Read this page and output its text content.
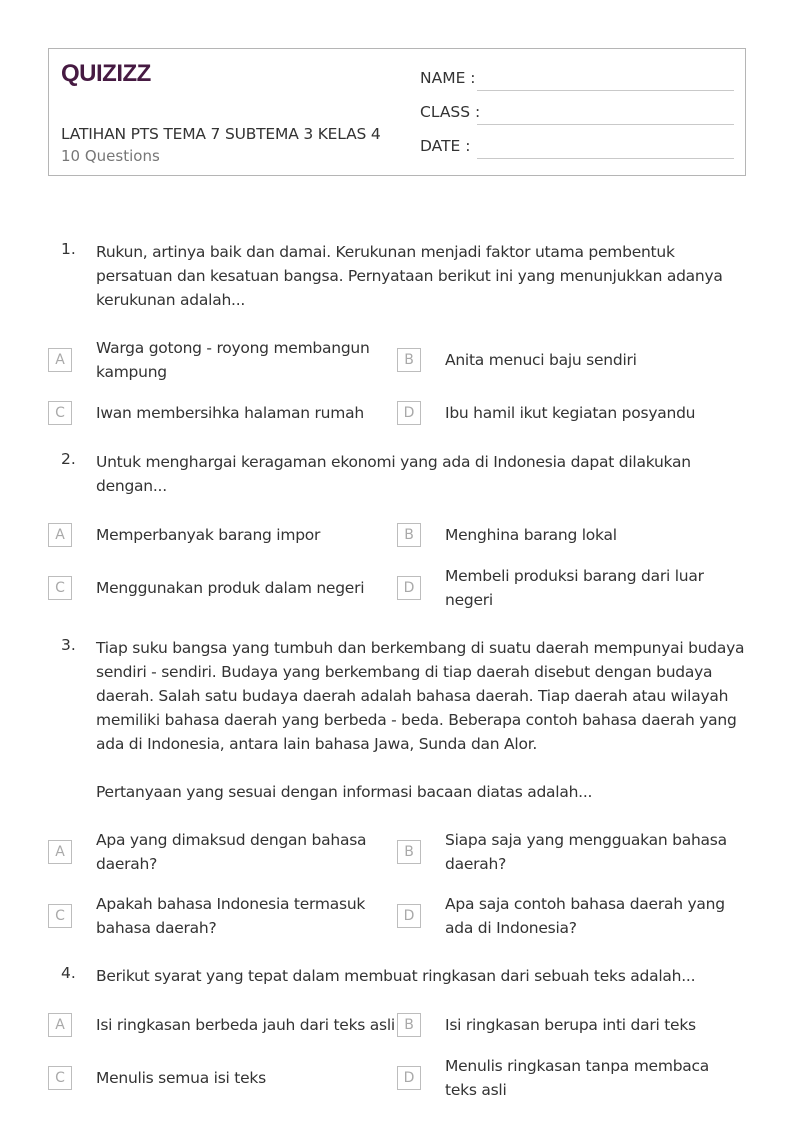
QUIZIZZ
LATIHAN PTS TEMA 7 SUBTEMA 3 KELAS 4
10 Questions
NAME :
CLASS :
DATE :
1. Rukun, artinya baik dan damai. Kerukunan menjadi faktor utama pembentuk persatuan dan kesatuan bangsa. Pernyataan berikut ini yang menunjukkan adanya kerukunan adalah...

A
Warga gotong - royong membangun kampung
B	Anita menuci baju sendiri
C	Iwan membersihka halaman rumah	D	Ibu hamil ikut kegiatan posyandu
2. Untuk menghargai keragaman ekonomi yang ada di Indonesia dapat dilakukan dengan...

A	Memperbanyak barang impor	B	Menghina barang lokal
C	Menggunakan produk dalam negeri	D
Membeli produksi barang dari luar negeri
3. Tiap suku bangsa yang tumbuh dan berkembang di suatu daerah mempunyai budaya sendiri - sendiri. Budaya yang berkembang di tiap daerah disebut dengan budaya daerah. Salah satu budaya daerah adalah bahasa daerah. Tiap daerah atau wilayah memiliki bahasa daerah yang berbeda - beda. Beberapa contoh bahasa daerah yang ada di Indonesia, antara lain bahasa Jawa, Sunda dan Alor.

Pertanyaan yang sesuai dengan informasi bacaan diatas adalah...

A
Apa yang dimaksud dengan bahasa daerah?
B
Siapa saja yang mengguakan bahasa daerah?
C
Apakah bahasa Indonesia termasuk bahasa daerah?
D
Apa saja contoh bahasa daerah yang ada di Indonesia?
4. Berikut syarat yang tepat dalam membuat ringkasan dari sebuah teks adalah...

A	Isi ringkasan berbeda jauh dari teks asli B	Isi ringkasan berupa inti dari teks
C	Menulis semua isi teks	D
Menulis ringkasan tanpa membaca teks asli
